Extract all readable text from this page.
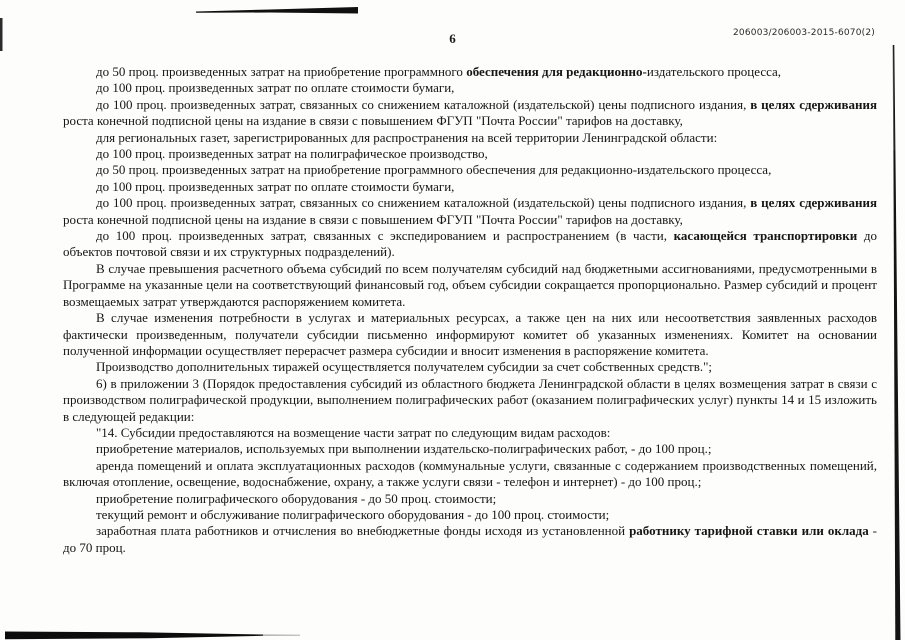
6	206003/206003-2015-6070(2)

до 50 проц. произведенных затрат на приобретение программного обеспечения для редакционно-издательского процесса,

до 100 проц. произведенных затрат по оплате стоимости бумаги,

до 100 проц. произведенных затрат, связанных со снижением каталожной (издательской) цены подписного издания, в целях сдерживания роста конечной подписной цены на издание в связи с повышением ФГУП "Почта России" тарифов на доставку,

для региональных газет, зарегистрированных для распространения на всей территории Ленинградской области:

до 100 проц. произведенных затрат на полиграфическое производство,

до 50 проц. произведенных затрат на приобретение программного обеспечения для редакционно-издательского процесса,

до 100 проц. произведенных затрат по оплате стоимости бумаги,

до 100 проц. произведенных затрат, связанных со снижением каталожной (издательской) цены подписного издания, в целях сдерживания роста конечной подписной цены на издание в связи с повышением ФГУП "Почта России" тарифов на доставку,

до 100 проц. произведенных затрат, связанных с экспедированием и распространением (в части, касающейся транспортировки до объектов почтовой связи и их структурных подразделений).

В случае превышения расчетного объема субсидий по всем получателям субсидий над бюджетными ассигнованиями, предусмотренными в Программе на указанные цели на соответствующий финансовый год, объем субсидии сокращается пропорционально. Размер субсидий и процент возмещаемых затрат утверждаются распоряжением комитета.

В случае изменения потребности в услугах и материальных ресурсах, а также цен на них или несоответствия заявленных расходов фактически произведенным, получатели субсидии письменно информируют комитет об указанных изменениях. Комитет на основании полученной информации осуществляет перерасчет размера субсидии и вносит изменения в распоряжение комитета.

Производство дополнительных тиражей осуществляется получателем субсидии за счет собственных средств.";

6) в приложении 3 (Порядок предоставления субсидий из областного бюджета Ленинградской области в целях возмещения затрат в связи с производством полиграфической продукции, выполнением полиграфических работ (оказанием полиграфических услуг) пункты 14 и 15 изложить в следующей редакции:

"14. Субсидии предоставляются на возмещение части затрат по следующим видам расходов:

приобретение материалов, используемых при выполнении издательско-полиграфических работ, - до 100 проц.;

аренда помещений и оплата эксплуатационных расходов (коммунальные услуги, связанные с содержанием производственных помещений, включая отопление, освещение, водоснабжение, охрану, а также услуги связи - телефон и интернет) - до 100 проц.;

приобретение полиграфического оборудования - до 50 проц. стоимости;

текущий ремонт и обслуживание полиграфического оборудования - до 100 проц. стоимости;

заработная плата работников и отчисления во внебюджетные фонды исходя из установленной работнику тарифной ставки или оклада - до 70 проц.
